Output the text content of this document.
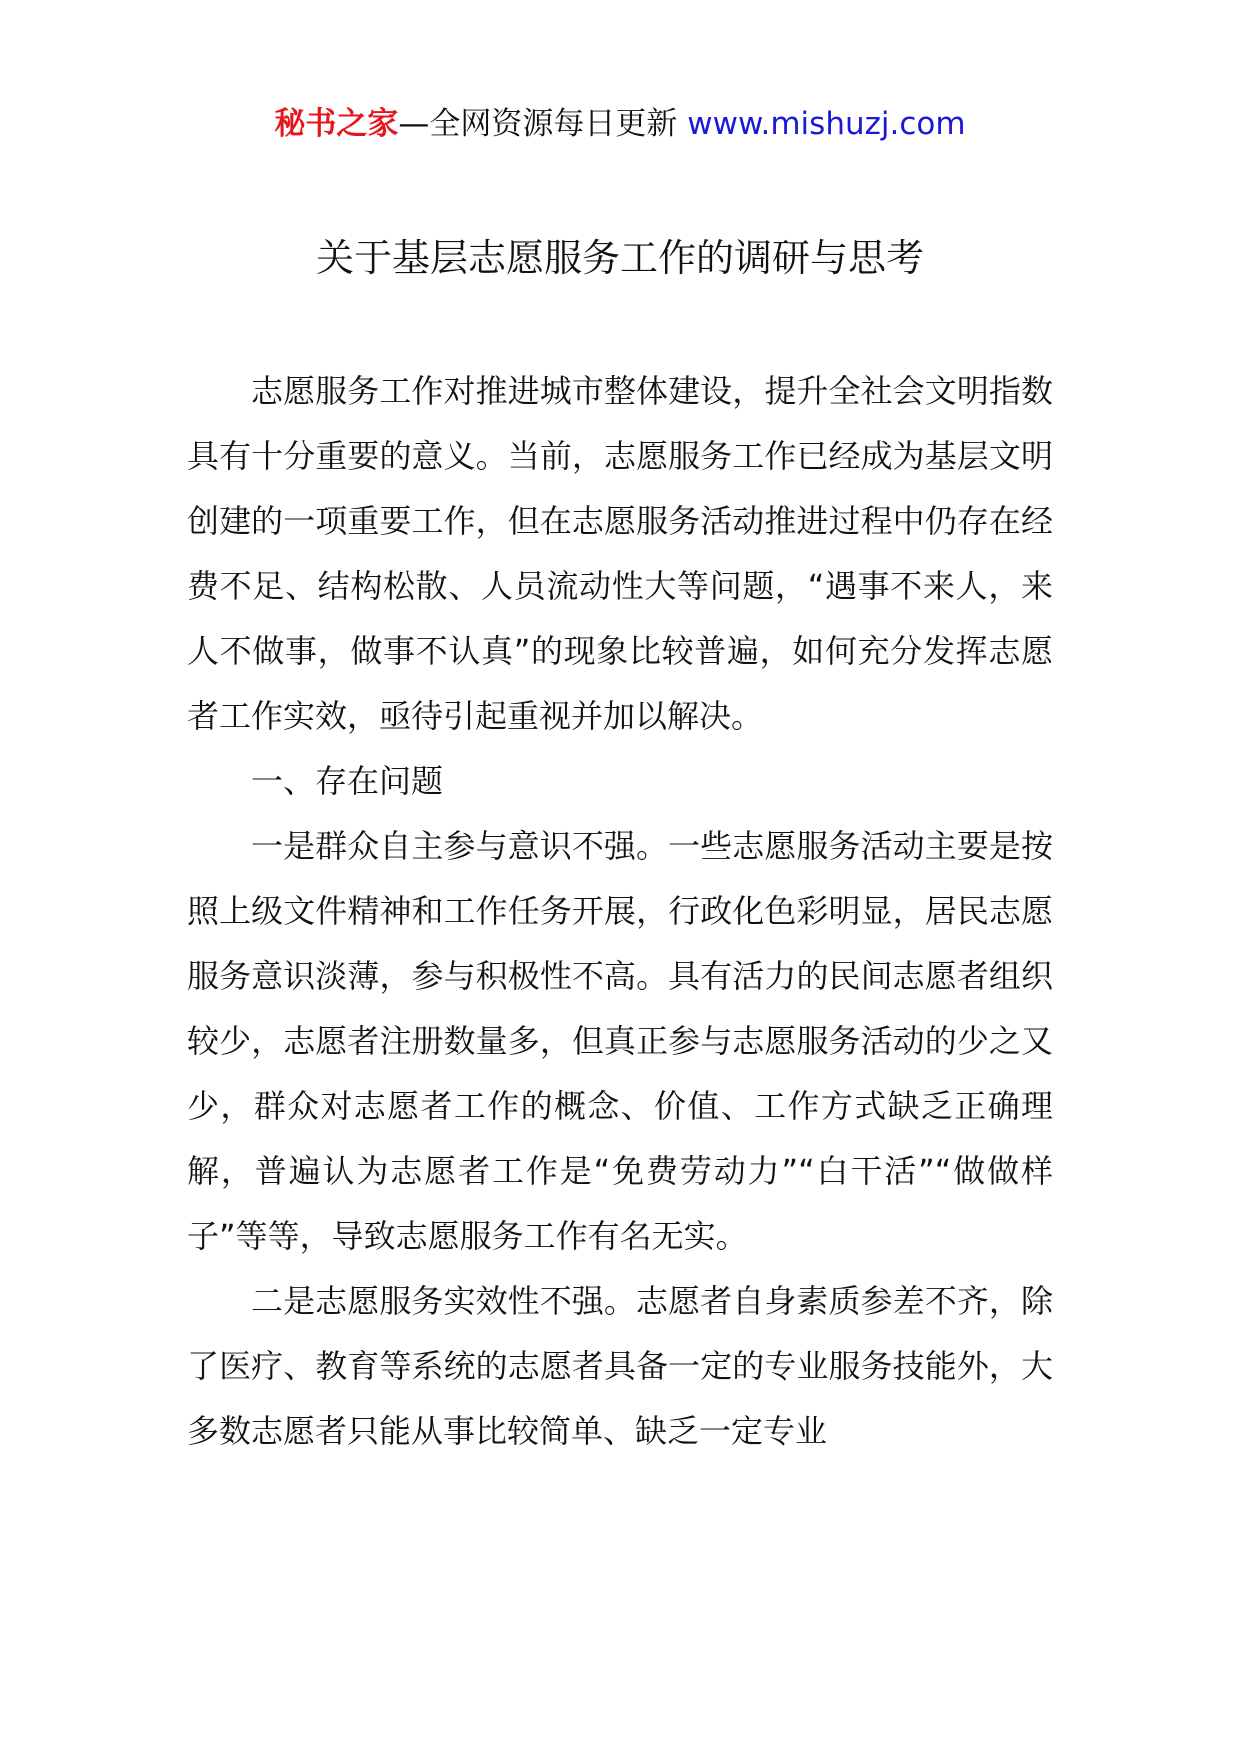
秘书之家—全网资源每日更新 www.mishuzj.com
关于基层志愿服务工作的调研与思考

志愿服务工作对推进城市整体建设，提升全社会文明指数具有十分重要的意义。当前，志愿服务工作已经成为基层文明创建的一项重要工作，但在志愿服务活动推进过程中仍存在经费不足、结构松散、人员流动性大等问题，“遇事不来人，来人不做事，做事不认真”的现象比较普遍，如何充分发挥志愿者工作实效，亟待引起重视并加以解决。

一、存在问题

一是群众自主参与意识不强。一些志愿服务活动主要是按照上级文件精神和工作任务开展，行政化色彩明显，居民志愿服务意识淡薄，参与积极性不高。具有活力的民间志愿者组织较少，志愿者注册数量多，但真正参与志愿服务活动的少之又少，群众对志愿者工作的概念、价值、工作方式缺乏正确理解，普遍认为志愿者工作是“免费劳动力”“白干活”“做做样子”等等，导致志愿服务工作有名无实。

二是志愿服务实效性不强。志愿者自身素质参差不齐，除了医疗、教育等系统的志愿者具备一定的专业服务技能外，大多数志愿者只能从事比较简单、缺乏一定专业
